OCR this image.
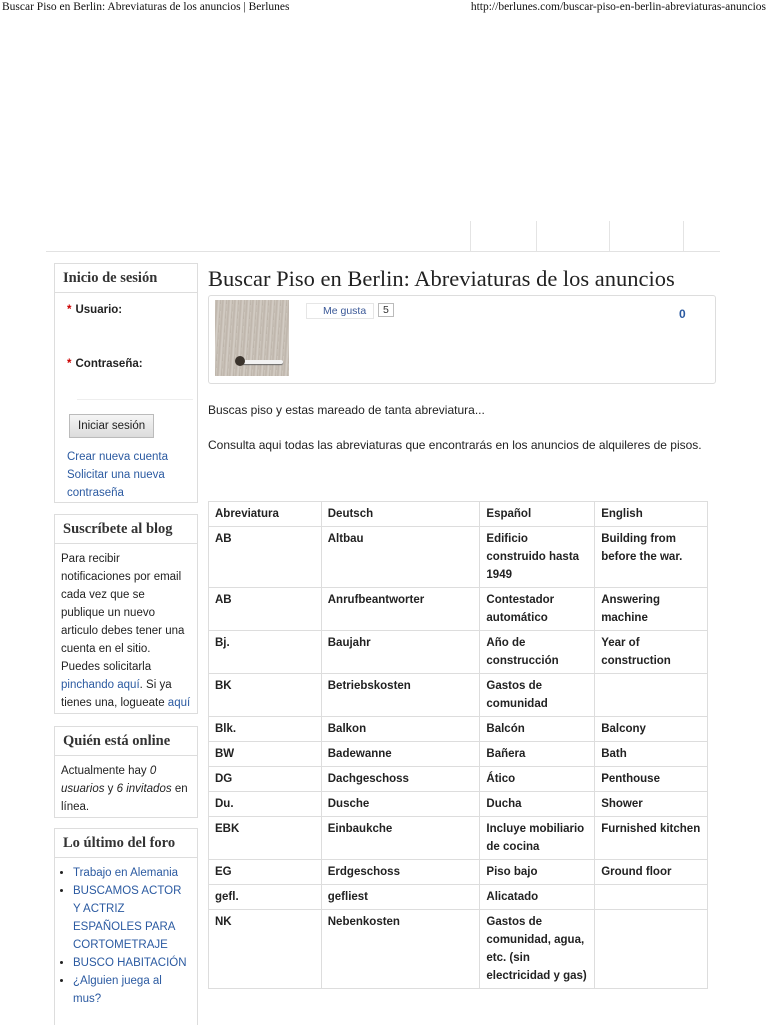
Buscar Piso en Berlin: Abreviaturas de los anuncios | Berlunes	http://berlunes.com/buscar-piso-en-berlin-abreviaturas-anuncios
Inicio de sesión
* Usuario:
* Contraseña:
Iniciar sesión
Crear nueva cuenta
Solicitar una nueva contraseña
Suscríbete al blog
Para recibir notificaciones por email cada vez que se publique un nuevo articulo debes tener una cuenta en el sitio. Puedes solicitarla pinchando aquí. Si ya tienes una, logueate aquí
Quién está online
Actualmente hay 0 usuarios y 6 invitados en línea.
Lo último del foro
• Trabajo en Alemania
• BUSCAMOS ACTOR Y ACTRIZ ESPAÑOLES PARA CORTOMETRAJE
• BUSCO HABITACIÓN
• ¿Alguien juega al mus?
Buscar Piso en Berlin: Abreviaturas de los anuncios
Me gusta	5	0
Buscas piso y estas mareado de tanta abreviatura...
Consulta aqui todas las abreviaturas que encontrarás en los anuncios de alquileres de pisos.
Abreviatura	Deutsch	Español	English
AB	Altbau	Edificio construido hasta 1949	Building from before the war.
AB	Anrufbeantworter	Contestador automático	Answering machine
Bj.	Baujahr	Año de construcción	Year of construction
BK	Betriebskosten	Gastos de comunidad	
Blk.	Balkon	Balcón	Balcony
BW	Badewanne	Bañera	Bath
DG	Dachgeschoss	Ático	Penthouse
Du.	Dusche	Ducha	Shower
EBK	Einbaukche	Incluye mobiliario de cocina	Furnished kitchen
EG	Erdgeschoss	Piso bajo	Ground floor
gefl.	gefliest	Alicatado	
NK	Nebenkosten	Gastos de comunidad, agua, etc. (sin electricidad y gas)	
